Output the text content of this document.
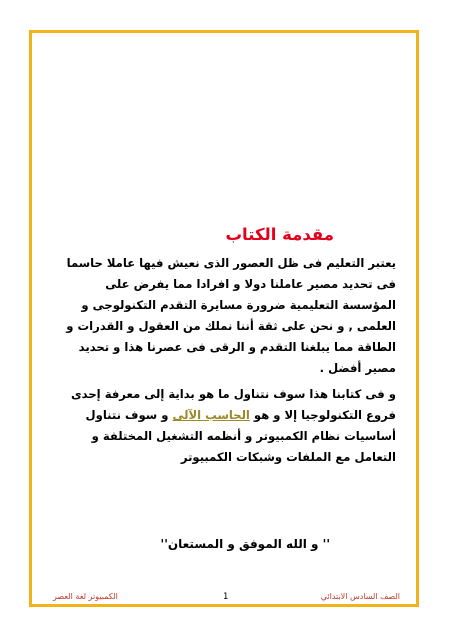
مقدمة الكتاب

يعتبر التعليم فى ظل العصور الذى نعيش فيها عاملا حاسما فى تحديد مصير عاملنا دولا و افرادا مما يفرض على المؤسسة التعليمية ضرورة مسايرة التقدم التكنولوجى و العلمى , و نحن على ثقة أننا نملك من العقول و القدرات و الطاقة مما يبلغنا التقدم و الرقى فى عصرنا هذا و تحديد مصير أفضل .

و فى كتابنا هذا سوف نتناول ما هو بداية إلى معرفة إحدى فروع التكنولوجيا إلا و هو الحاسب الآلى و سوف نتناول أساسيات نظام الكمبيوتر و أنظمه التشغيل المختلفة و التعامل مع الملفات وشبكات الكمبيوتر

'' و الله الموفق و المستعان''
الصف السادس الابتدائي
1
الكمبيوتر لغة العصر
